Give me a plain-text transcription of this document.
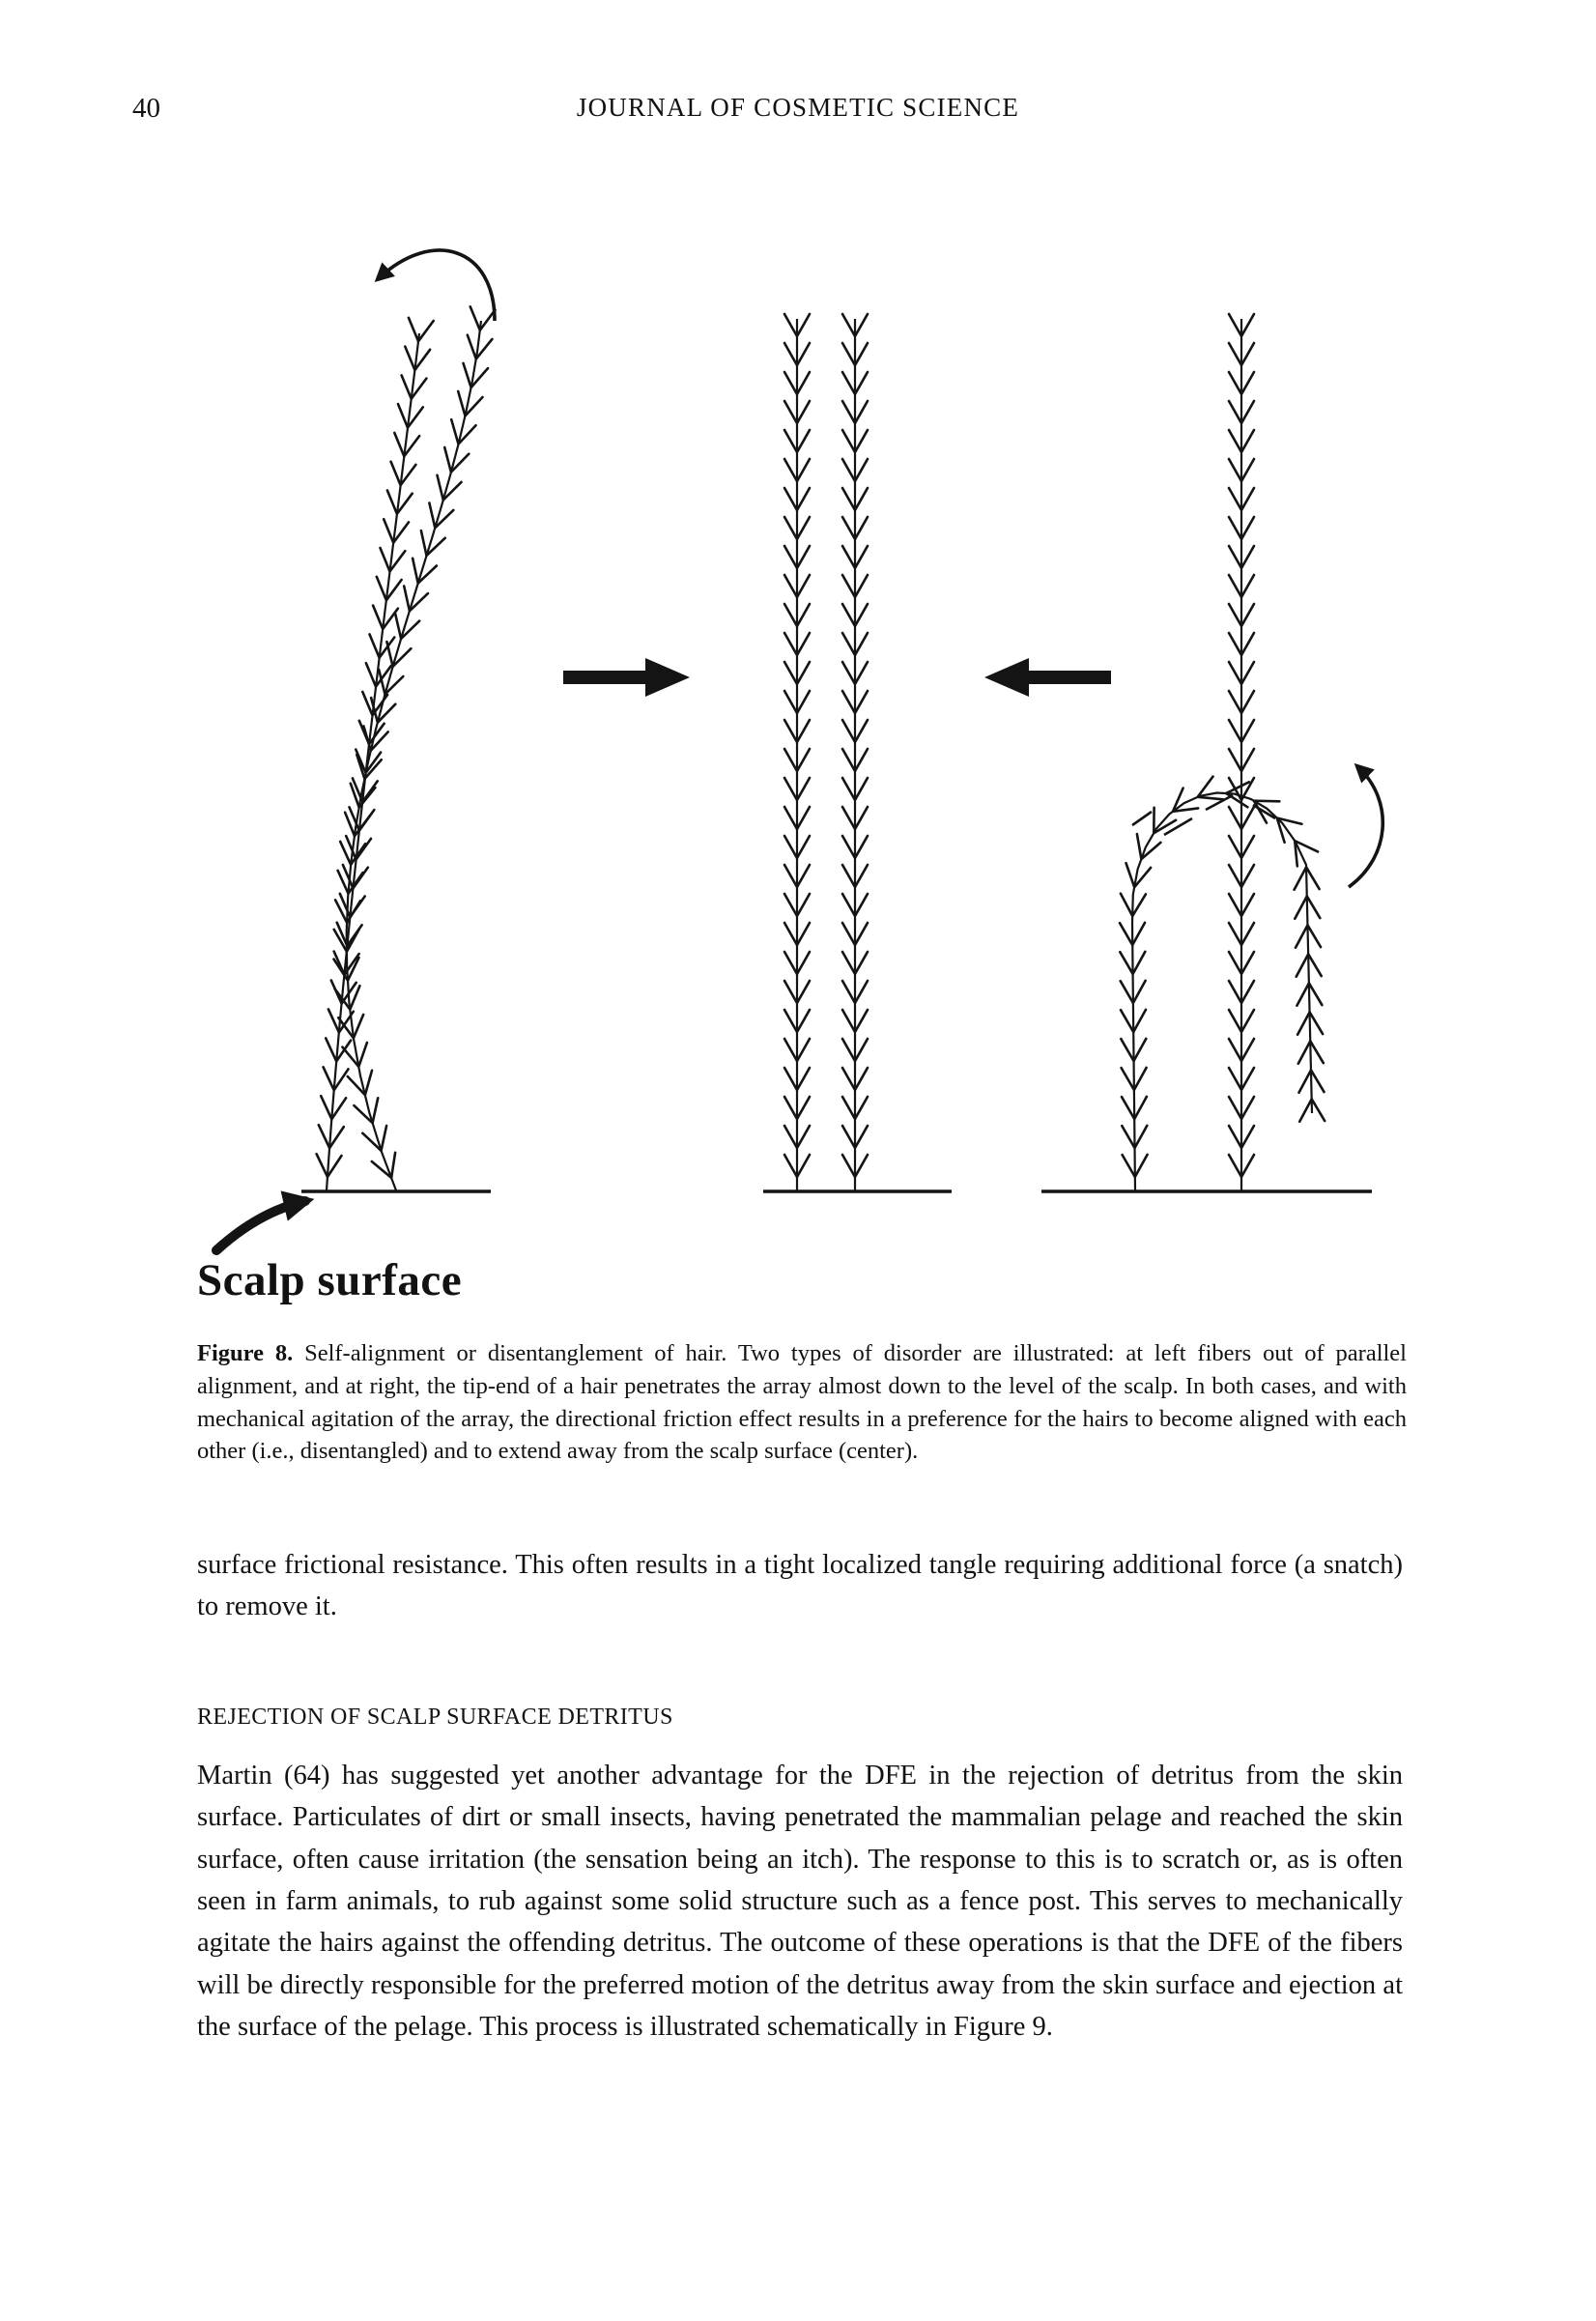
40	JOURNAL OF COSMETIC SCIENCE
Scalp surface

Figure 8. Self-alignment or disentanglement of hair. Two types of disorder are illustrated: at left fibers out of parallel alignment, and at right, the tip-end of a hair penetrates the array almost down to the level of the scalp. In both cases, and with mechanical agitation of the array, the directional friction effect results in a preference for the hairs to become aligned with each other (i.e., disentangled) and to extend away from the scalp surface (center).

surface frictional resistance. This often results in a tight localized tangle requiring additional force (a snatch) to remove it.

REJECTION OF SCALP SURFACE DETRITUS

Martin (64) has suggested yet another advantage for the DFE in the rejection of detritus from the skin surface. Particulates of dirt or small insects, having penetrated the mammalian pelage and reached the skin surface, often cause irritation (the sensation being an itch). The response to this is to scratch or, as is often seen in farm animals, to rub against some solid structure such as a fence post. This serves to mechanically agitate the hairs against the offending detritus. The outcome of these operations is that the DFE of the fibers will be directly responsible for the preferred motion of the detritus away from the skin surface and ejection at the surface of the pelage. This process is illustrated schematically in Figure 9.
